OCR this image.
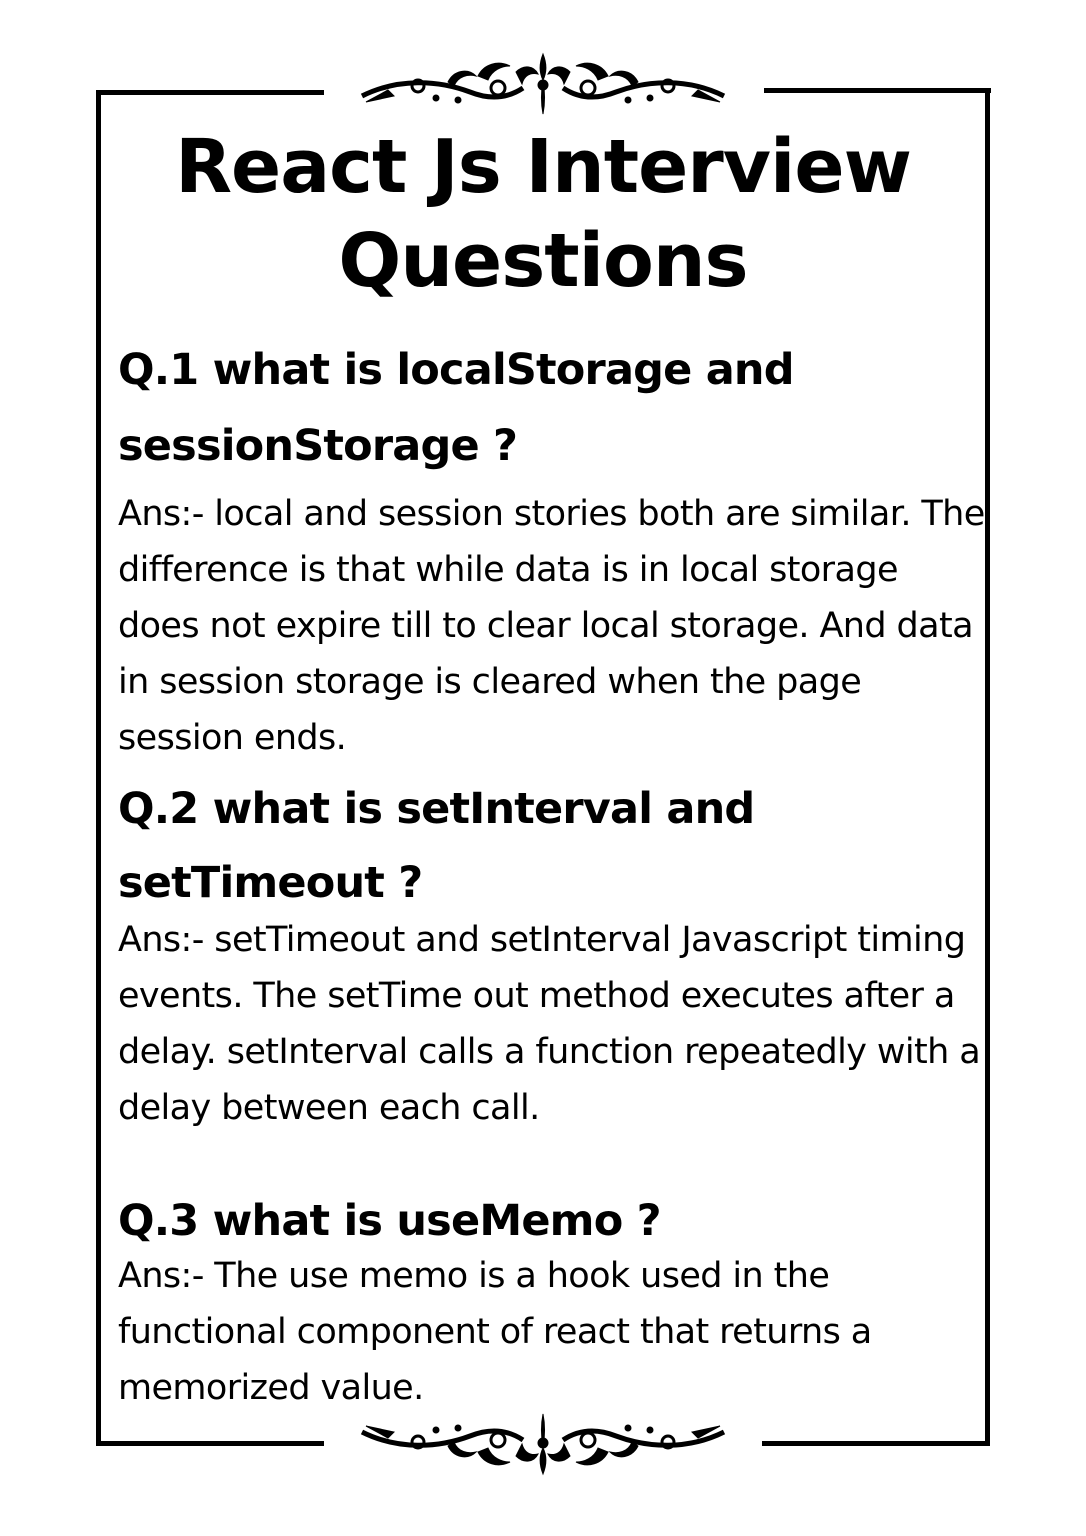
React Js Interview Questions

Q.1 what is localStorage and sessionStorage ?

Ans:- local and session stories both are similar. The difference is that while data is in local storage does not expire till to clear local storage. And data in session storage is cleared when the page session ends.

Q.2 what is setInterval and setTimeout ?

Ans:- setTimeout and setInterval Javascript timing events. The setTime out method executes after a delay. setInterval calls a function repeatedly with a delay between each call.

Q.3 what is useMemo ?

Ans:- The use memo is a hook used in the functional component of react that returns a memorized value.
